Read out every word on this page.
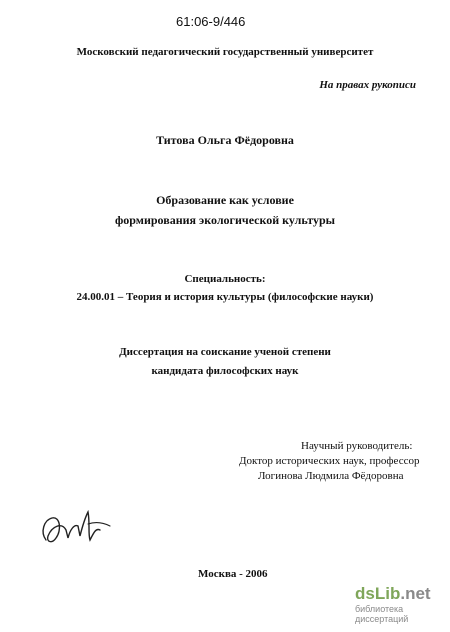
61:06-9/446
Московский педагогический государственный университет
На правах рукописи
Титова Ольга Фёдоровна
Образование как условие
формирования экологической культуры
Специальность:
24.00.01 – Теория и история культуры (философские науки)
Диссертация на соискание ученой степени
кандидата философских наук
Научный руководитель:
Доктор исторических наук, профессор
Логинова Людмила Фёдоровна
Москва - 2006
dsLib.net
библиотека диссертаций
